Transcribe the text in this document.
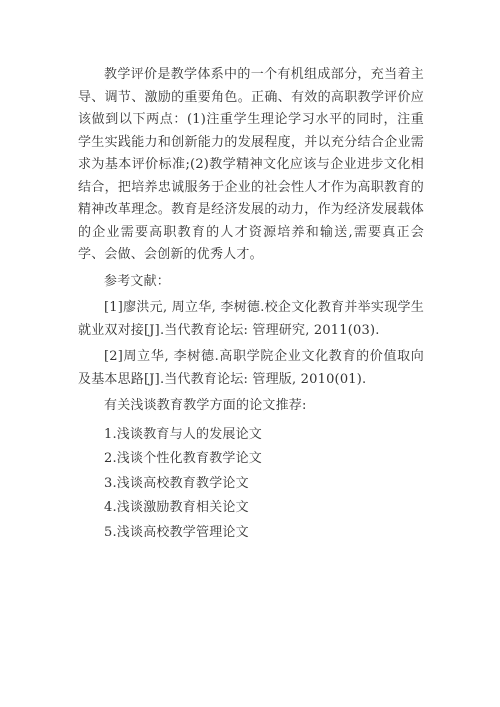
教学评价是教学体系中的一个有机组成部分，充当着主导、调节、激励的重要角色。正确、有效的高职教学评价应该做到以下两点：(1)注重学生理论学习水平的同时，注重学生实践能力和创新能力的发展程度，并以充分结合企业需求为基本评价标准;(2)教学精神文化应该与企业进步文化相结合，把培养忠诚服务于企业的社会性人才作为高职教育的精神改革理念。教育是经济发展的动力，作为经济发展载体的企业需要高职教育的人才资源培养和输送,需要真正会学、会做、会创新的优秀人才。

参考文献：

[1]廖洪元, 周立华, 李树德.校企文化教育并举实现学生就业双对接[J].当代教育论坛: 管理研究, 2011(03).

[2]周立华, 李树德.高职学院企业文化教育的价值取向及基本思路[J].当代教育论坛: 管理版, 2010(01).

有关浅谈教育教学方面的论文推荐:

1.浅谈教育与人的发展论文
2.浅谈个性化教育教学论文
3.浅谈高校教育教学论文
4.浅谈激励教育相关论文
5.浅谈高校教学管理论文
